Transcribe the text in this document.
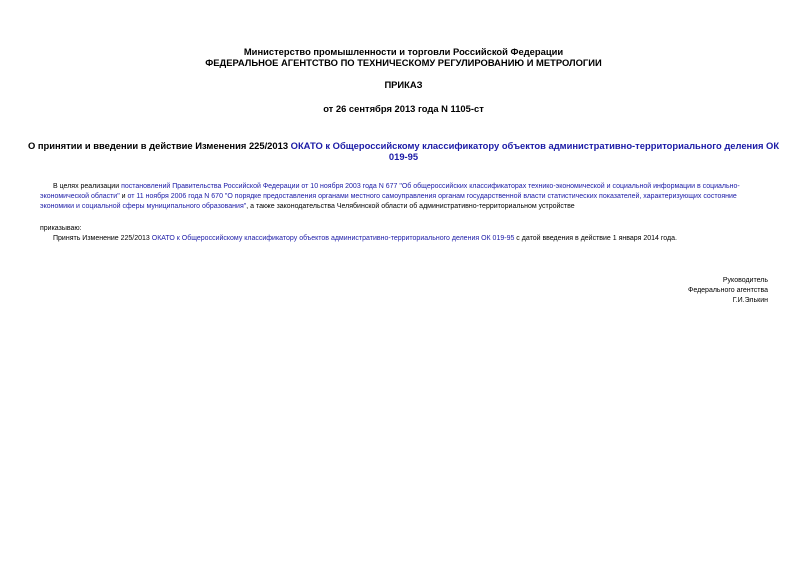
Министерство промышленности и торговли Российской Федерации
ФЕДЕРАЛЬНОЕ АГЕНТСТВО ПО ТЕХНИЧЕСКОМУ РЕГУЛИРОВАНИЮ И МЕТРОЛОГИИ
ПРИКАЗ
от 26 сентября 2013 года N 1105-ст
О принятии и введении в действие Изменения 225/2013 ОКАТО к Общероссийскому классификатору объектов административно-территориального деления ОК
019-95
В целях реализации постановлений Правительства Российской Федерации от 10 ноября 2003 года N 677 "Об общероссийских классификаторах технико-экономической и социальной информации в социально-
экономической области" и от 11 ноября 2006 года N 670 "О порядке предоставления органами местного самоуправления органам государственной власти статистических показателей, характеризующих состояние
экономики и социальной сферы муниципального образования", а также законодательства Челябинской области об административно-территориальном устройстве
приказываю:
Принять Изменение 225/2013 ОКАТО к Общероссийскому классификатору объектов административно-территориального деления ОК 019-95 с датой введения в действие 1 января 2014 года.
Руководитель
Федерального агентства
Г.И.Элькин
